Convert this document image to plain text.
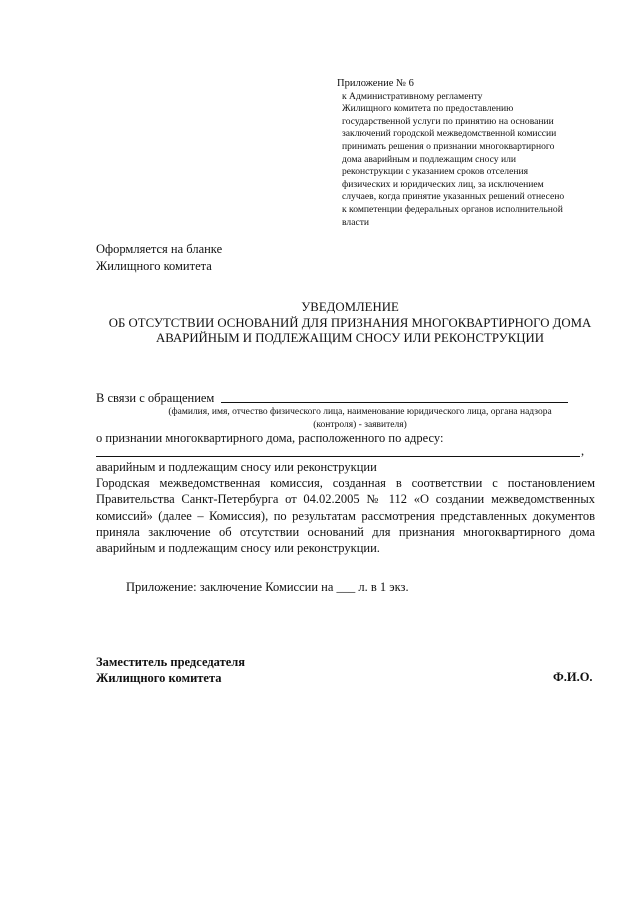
Приложение № 6
к Административному регламенту
Жилищного комитета по предоставлению
государственной услуги по принятию на основании
заключений городской межведомственной комиссии
принимать решения о признании многоквартирного
дома аварийным и подлежащим сносу или
реконструкции с указанием сроков отселения
физических и юридических лиц, за исключением
случаев, когда принятие указанных решений отнесено
к компетенции федеральных органов исполнительной
власти
Оформляется на бланке
Жилищного комитета
УВЕДОМЛЕНИЕ
ОБ ОТСУТСТВИИ ОСНОВАНИЙ ДЛЯ ПРИЗНАНИЯ МНОГОКВАРТИРНОГО ДОМА
АВАРИЙНЫМ И ПОДЛЕЖАЩИМ СНОСУ ИЛИ РЕКОНСТРУКЦИИ
В связи с обращением
(фамилия, имя, отчество физического лица, наименование юридического лица, органа надзора
(контроля) - заявителя)
о признании многоквартирного дома, расположенного по адресу:
,

аварийным и подлежащим сносу или реконструкции

Городская межведомственная комиссия, созданная в соответствии с постановлением Правительства Санкт-Петербурга от 04.02.2005 № 112 «О создании межведомственных комиссий» (далее – Комиссия), по результатам рассмотрения представленных документов приняла заключение об отсутствии оснований для признания многоквартирного дома аварийным и подлежащим сносу или реконструкции.

Приложение: заключение Комиссии на ___ л. в 1 экз.
Заместитель председателя
Жилищного комитета	Ф.И.О.
